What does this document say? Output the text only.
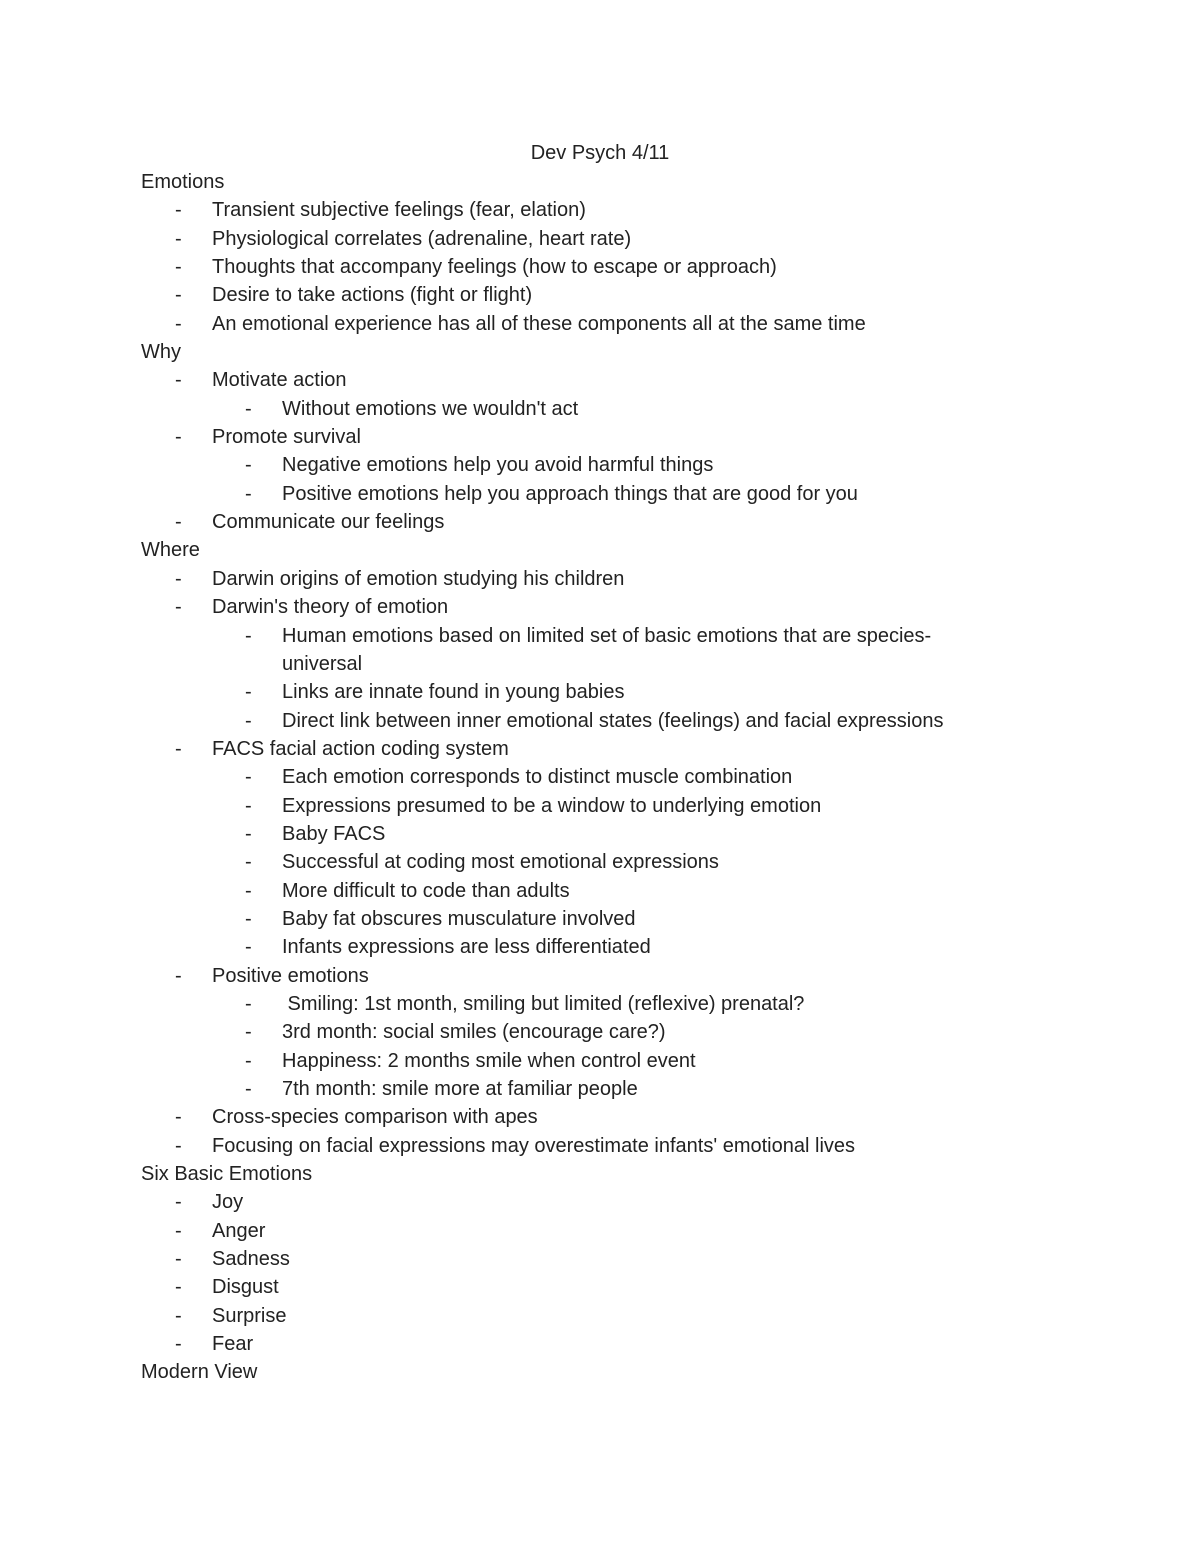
Dev Psych 4/11
Emotions
- Transient subjective feelings (fear, elation)
- Physiological correlates (adrenaline, heart rate)
- Thoughts that accompany feelings (how to escape or approach)
- Desire to take actions (fight or flight)
- An emotional experience has all of these components all at the same time
Why
- Motivate action
- Without emotions we wouldn't act
- Promote survival
- Negative emotions help you avoid harmful things
- Positive emotions help you approach things that are good for you
- Communicate our feelings
Where
- Darwin origins of emotion studying his children
- Darwin's theory of emotion
- Human emotions based on limited set of basic emotions that are species-
universal
- Links are innate found in young babies
- Direct link between inner emotional states (feelings) and facial expressions
- FACS facial action coding system
- Each emotion corresponds to distinct muscle combination
- Expressions presumed to be a window to underlying emotion
- Baby FACS
- Successful at coding most emotional expressions
- More difficult to code than adults
- Baby fat obscures musculature involved
- Infants expressions are less differentiated
- Positive emotions
- Smiling: 1st month, smiling but limited (reflexive) prenatal?
- 3rd month: social smiles (encourage care?)
- Happiness: 2 months smile when control event
- 7th month: smile more at familiar people
- Cross-species comparison with apes
- Focusing on facial expressions may overestimate infants' emotional lives
Six Basic Emotions
- Joy
- Anger
- Sadness
- Disgust
- Surprise
- Fear
Modern View
